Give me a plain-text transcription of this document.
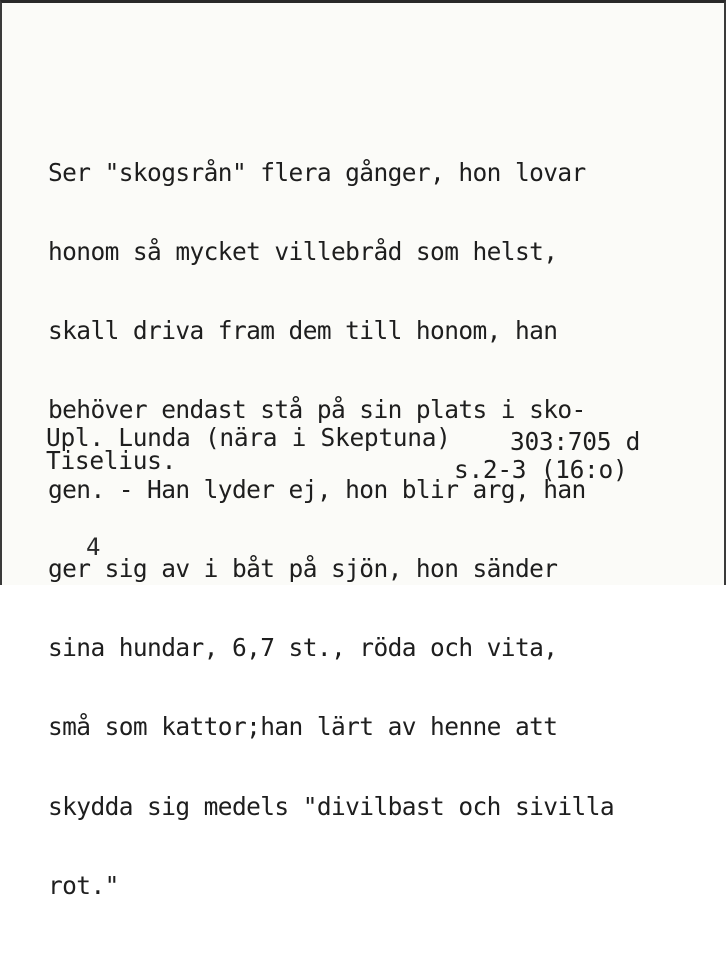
Ser "skogsrån" flera gånger, hon lovar

honom så mycket villebråd som helst,

skall driva fram dem till honom, han

behöver endast stå på sin plats i sko-

gen. - Han lyder ej, hon blir arg, han

ger sig av i båt på sjön, hon sänder

sina hundar, 6,7 st., röda och vita,

små som kattor;han lärt av henne att

skydda sig medels "divilbast och sivilla

rot."

Upl. Lunda (nära i Skeptuna) 303:705 d
Tiselius.	s.2-3 (16:o)
4
